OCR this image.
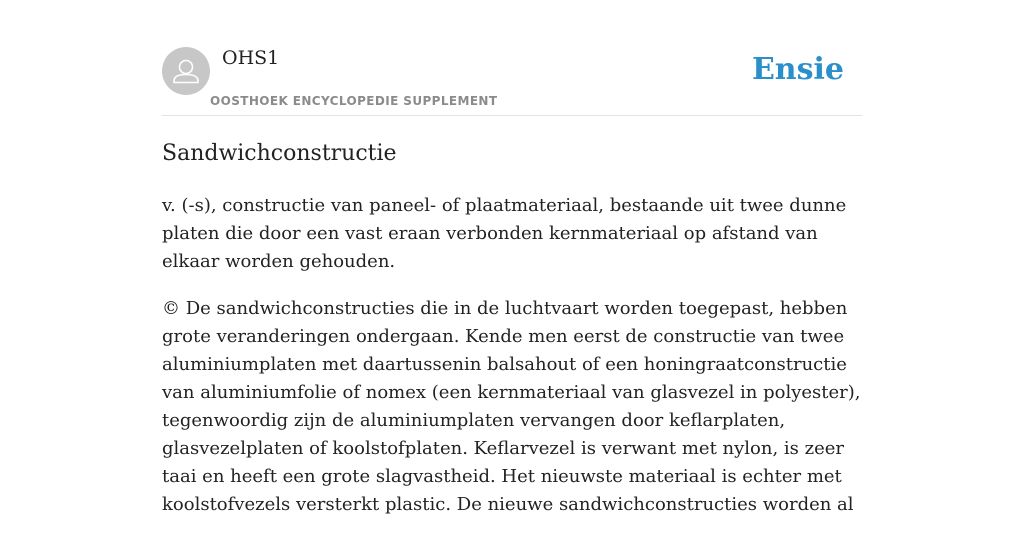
OHS1
OOSTHOEK ENCYCLOPEDIE SUPPLEMENT
Ensie
Sandwichconstructie

v. (-s), constructie van paneel- of plaatmateriaal, bestaande uit twee dunne platen die door een vast eraan verbonden kernmateriaal op afstand van elkaar worden gehouden.

© De sandwichconstructies die in de luchtvaart worden toegepast, hebben grote veranderingen ondergaan. Kende men eerst de constructie van twee aluminiumplaten met daartussenin balsahout of een honingraatconstructie van aluminiumfolie of nomex (een kernmateriaal van glasvezel in polyester), tegenwoordig zijn de aluminiumplaten vervangen door keflarplaten, glasvezelplaten of koolstofplaten. Keflarvezel is verwant met nylon, is zeer taai en heeft een grote slagvastheid. Het nieuwste materiaal is echter met koolstofvezels versterkt plastic. De nieuwe sandwichconstructies worden al
